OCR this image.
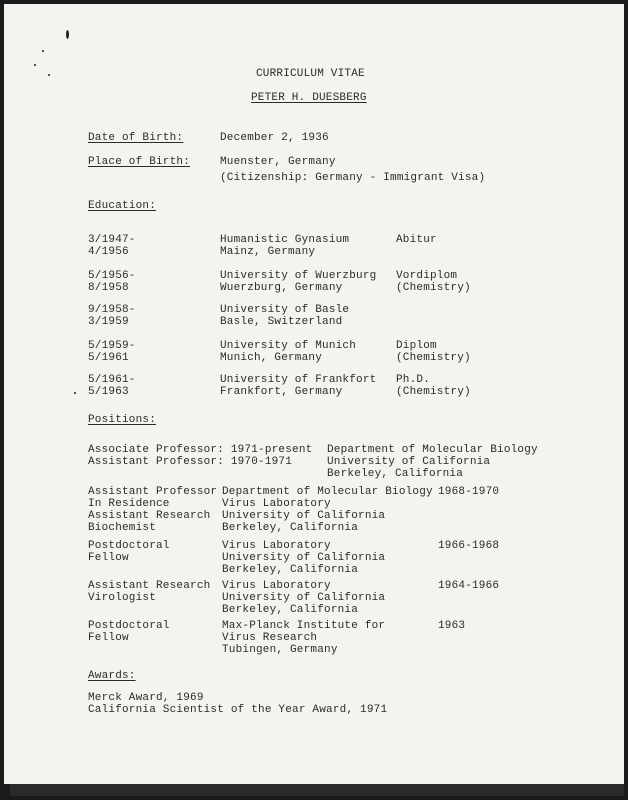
CURRICULUM VITAE
PETER H. DUESBERG
Date of Birth:	December 2, 1936
Place of Birth:	Muenster, Germany
(Citizenship: Germany - Immigrant Visa)
Education:
3/1947-
4/1956
Humanistic Gynasium
Mainz, Germany
Abitur
5/1956-
8/1958
University of Wuerzburg
Wuerzburg, Germany
Vordiplom
(Chemistry)
9/1958-
3/1959
University of Basle
Basle, Switzerland
5/1959-
5/1961
University of Munich
Munich, Germany
Diplom
(Chemistry)
5/1961-
5/1963
University of Frankfort
Frankfort, Germany
Ph.D.
(Chemistry)
Positions:
Associate Professor: 1971-present
Assistant Professor: 1970-1971
Department of Molecular Biology
University of California
Berkeley, California
Assistant Professor
In Residence
Assistant Research
Biochemist
Department of Molecular Biology
Virus Laboratory
University of California
Berkeley, California
1968-1970
Postdoctoral
Fellow
Virus Laboratory
University of California
Berkeley, California
1966-1968
Assistant Research
Virologist
Virus Laboratory
University of California
Berkeley, California
1964-1966
Postdoctoral
Fellow
Max-Planck Institute for
Virus Research
Tubingen, Germany
1963
Awards:
Merck Award, 1969
California Scientist of the Year Award, 1971
